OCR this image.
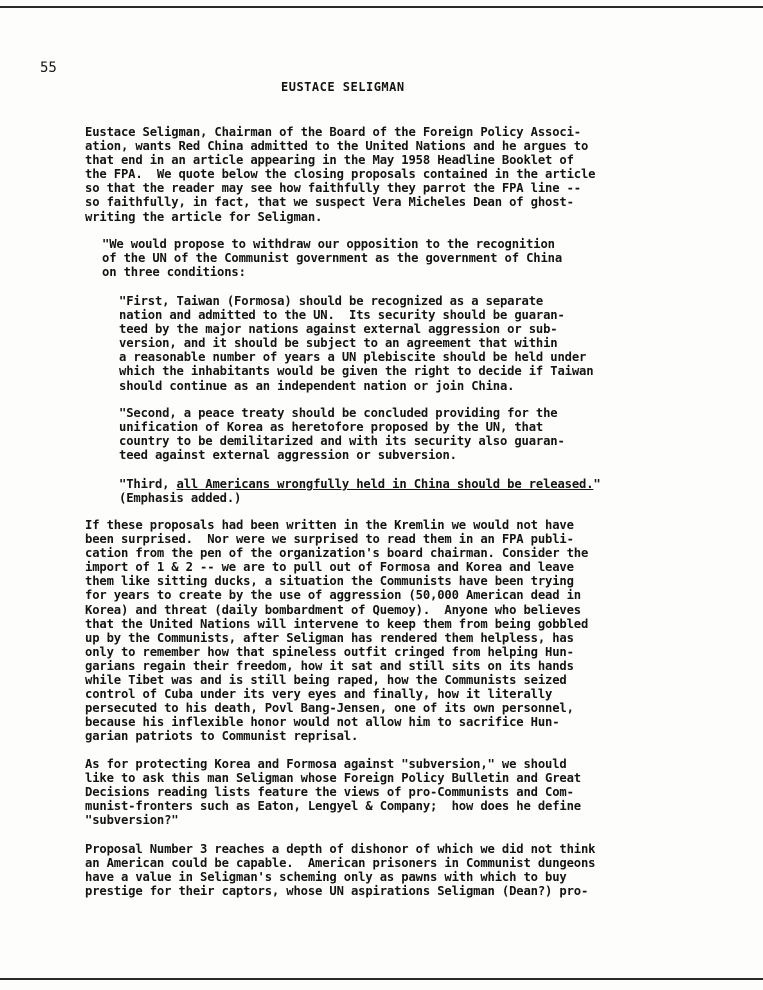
55
EUSTACE SELIGMAN

Eustace Seligman, Chairman of the Board of the Foreign Policy Associ-
ation, wants Red China admitted to the United Nations and he argues to
that end in an article appearing in the May 1958 Headline Booklet of
the FPA.  We quote below the closing proposals contained in the article
so that the reader may see how faithfully they parrot the FPA line --
so faithfully, in fact, that we suspect Vera Micheles Dean of ghost-
writing the article for Seligman.

"We would propose to withdraw our opposition to the recognition
of the UN of the Communist government as the government of China
on three conditions:

"First, Taiwan (Formosa) should be recognized as a separate
nation and admitted to the UN.  Its security should be guaran-
teed by the major nations against external aggression or sub-
version, and it should be subject to an agreement that within
a reasonable number of years a UN plebiscite should be held under
which the inhabitants would be given the right to decide if Taiwan
should continue as an independent nation or join China.

"Second, a peace treaty should be concluded providing for the
unification of Korea as heretofore proposed by the UN, that
country to be demilitarized and with its security also guaran-
teed against external aggression or subversion.

"Third, all Americans wrongfully held in China should be released."
(Emphasis added.)

If these proposals had been written in the Kremlin we would not have
been surprised.  Nor were we surprised to read them in an FPA publi-
cation from the pen of the organization's board chairman. Consider the
import of 1 & 2 -- we are to pull out of Formosa and Korea and leave
them like sitting ducks, a situation the Communists have been trying
for years to create by the use of aggression (50,000 American dead in
Korea) and threat (daily bombardment of Quemoy).  Anyone who believes
that the United Nations will intervene to keep them from being gobbled
up by the Communists, after Seligman has rendered them helpless, has
only to remember how that spineless outfit cringed from helping Hun-
garians regain their freedom, how it sat and still sits on its hands
while Tibet was and is still being raped, how the Communists seized
control of Cuba under its very eyes and finally, how it literally
persecuted to his death, Povl Bang-Jensen, one of its own personnel,
because his inflexible honor would not allow him to sacrifice Hun-
garian patriots to Communist reprisal.

As for protecting Korea and Formosa against "subversion," we should
like to ask this man Seligman whose Foreign Policy Bulletin and Great
Decisions reading lists feature the views of pro-Communists and Com-
munist-fronters such as Eaton, Lengyel & Company;  how does he define
"subversion?"

Proposal Number 3 reaches a depth of dishonor of which we did not think
an American could be capable.  American prisoners in Communist dungeons
have a value in Seligman's scheming only as pawns with which to buy
prestige for their captors, whose UN aspirations Seligman (Dean?) pro-
